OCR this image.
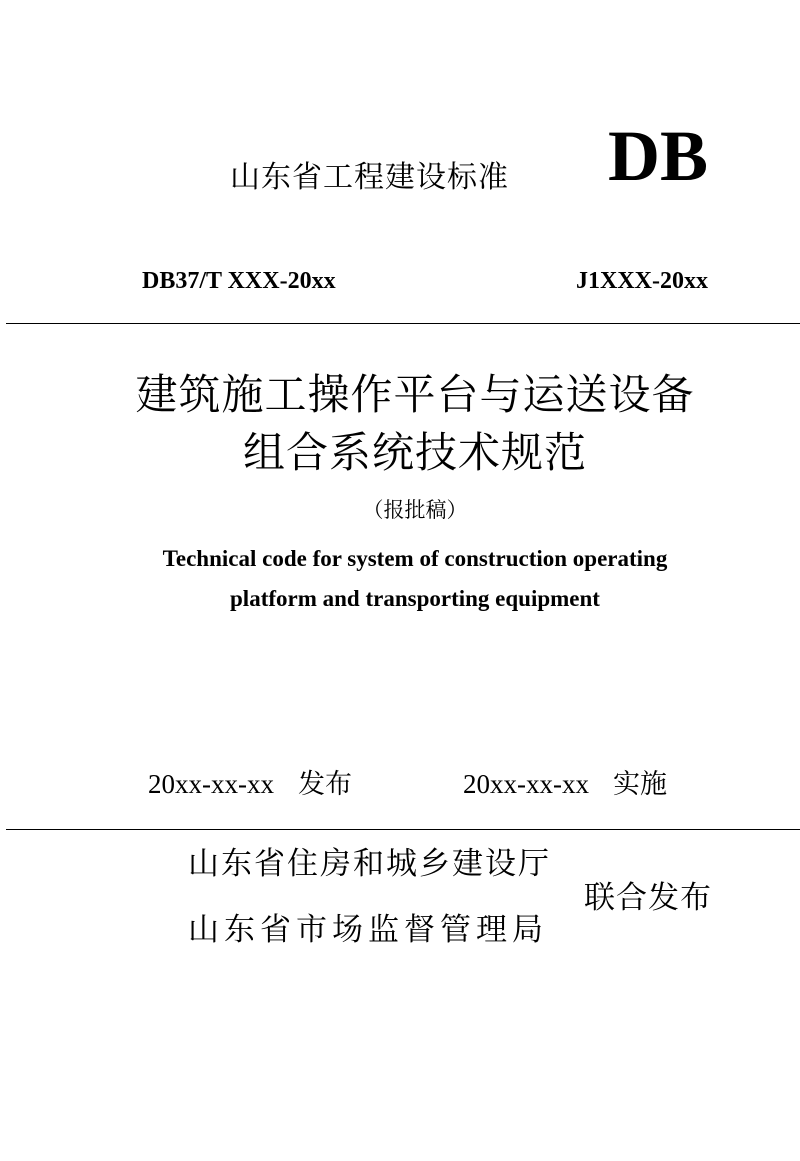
山东省工程建设标准 DB
DB37/T XXX-20xx	J1XXX-20xx
建筑施工操作平台与运送设备
组合系统技术规范
（报批稿）
Technical code for system of construction operating
platform and transporting equipment
20xx-xx-xx 发布	20xx-xx-xx 实施
山东省住房和城乡建设厅
山东省市场监督管理局
联合发布
